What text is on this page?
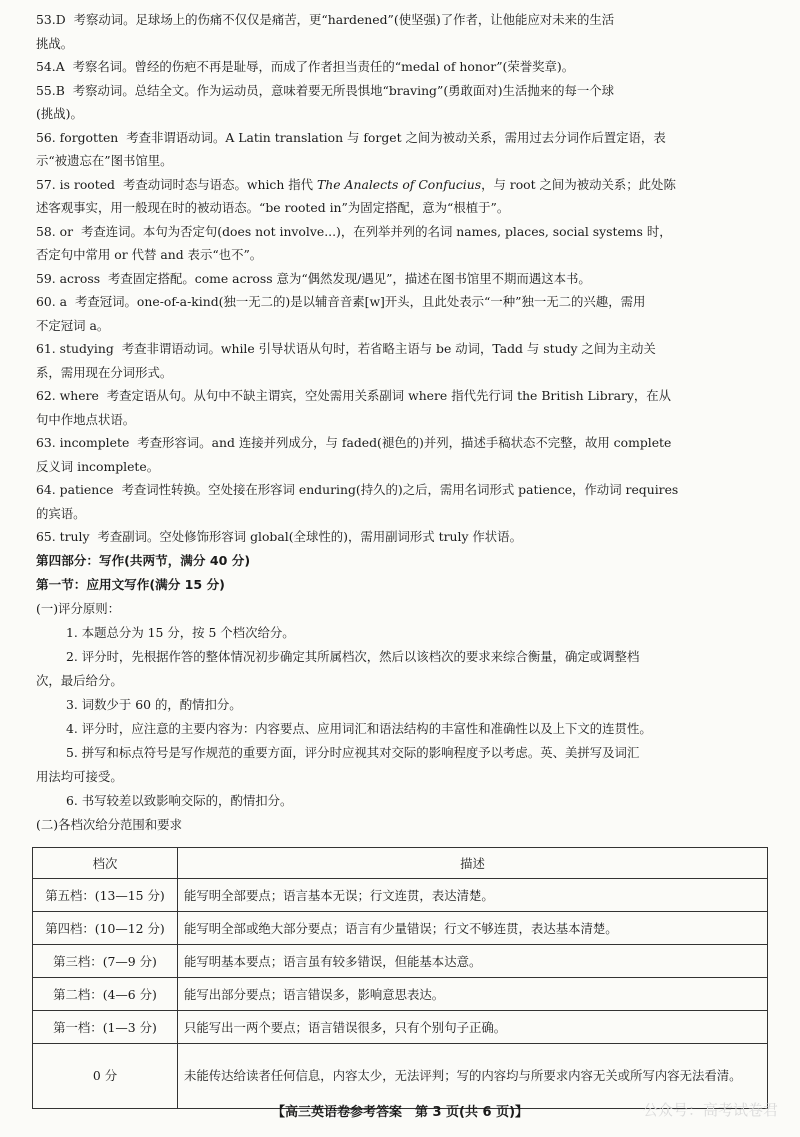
53.D 考察动词。足球场上的伤痛不仅仅是痛苦，更“hardened”(使坚强)了作者，让他能应对未来的生活

挑战。

54.A 考察名词。曾经的伤疤不再是耻辱，而成了作者担当责任的“medal of honor”(荣誉奖章)。

55.B 考察动词。总结全文。作为运动员，意味着要无所畏惧地“braving”(勇敢面对)生活抛来的每一个球

(挑战)。

56. forgotten 考查非谓语动词。A Latin translation 与 forget 之间为被动关系，需用过去分词作后置定语，表

示“被遗忘在”图书馆里。

57. is rooted 考查动词时态与语态。which 指代 The Analects of Confucius，与 root 之间为被动关系；此处陈

述客观事实，用一般现在时的被动语态。“be rooted in”为固定搭配，意为“根植于”。

58. or 考查连词。本句为否定句(does not involve...)，在列举并列的名词 names, places, social systems 时，

否定句中常用 or 代替 and 表示“也不”。

59. across 考查固定搭配。come across 意为“偶然发现/遇见”，描述在图书馆里不期而遇这本书。

60. a 考查冠词。one-of-a-kind(独一无二的)是以辅音音素[w]开头，且此处表示“一种”独一无二的兴趣，需用

不定冠词 a。

61. studying 考查非谓语动词。while 引导状语从句时，若省略主语与 be 动词，Tadd 与 study 之间为主动关

系，需用现在分词形式。

62. where 考查定语从句。从句中不缺主谓宾，空处需用关系副词 where 指代先行词 the British Library，在从

句中作地点状语。

63. incomplete 考查形容词。and 连接并列成分，与 faded(褪色的)并列，描述手稿状态不完整，故用 complete

反义词 incomplete。

64. patience 考查词性转换。空处接在形容词 enduring(持久的)之后，需用名词形式 patience，作动词 requires

的宾语。

65. truly 考查副词。空处修饰形容词 global(全球性的)，需用副词形式 truly 作状语。

第四部分：写作(共两节，满分 40 分)

第一节：应用文写作(满分 15 分)

(一)评分原则：

1. 本题总分为 15 分，按 5 个档次给分。

2. 评分时，先根据作答的整体情况初步确定其所属档次，然后以该档次的要求来综合衡量，确定或调整档

次，最后给分。

3. 词数少于 60 的，酌情扣分。

4. 评分时，应注意的主要内容为：内容要点、应用词汇和语法结构的丰富性和准确性以及上下文的连贯性。

5. 拼写和标点符号是写作规范的重要方面，评分时应视其对交际的影响程度予以考虑。英、美拼写及词汇

用法均可接受。

6. 书写较差以致影响交际的，酌情扣分。

(二)各档次给分范围和要求

档次	描述
第五档：(13—15 分)	能写明全部要点；语言基本无误；行文连贯，表达清楚。
第四档：(10—12 分)	能写明全部或绝大部分要点；语言有少量错误；行文不够连贯，表达基本清楚。
第三档：(7—9 分)	能写明基本要点；语言虽有较多错误，但能基本达意。
第二档：(4—6 分)	能写出部分要点；语言错误多，影响意思表达。
第一档：(1—3 分)	只能写出一两个要点；语言错误很多，只有个别句子正确。
0 分	未能传达给读者任何信息，内容太少，无法评判；写的内容均与所要求内容无关或所写内容无法看清。
【高三英语卷参考答案　第 3 页(共 6 页)】	公众号：高考试卷君
